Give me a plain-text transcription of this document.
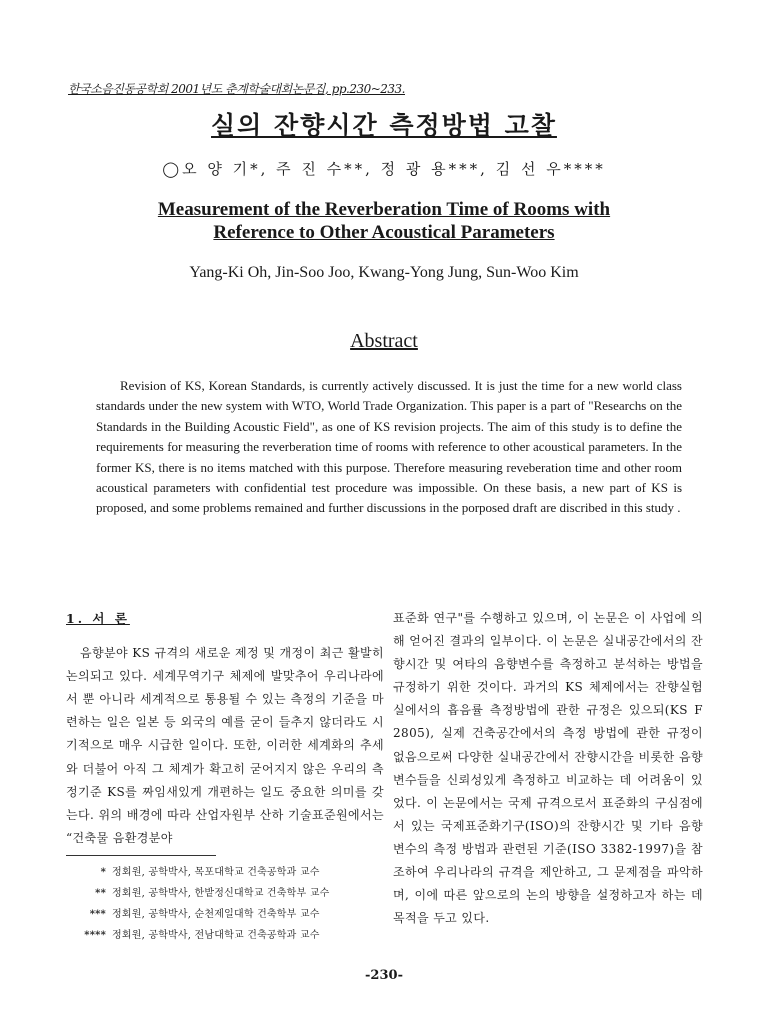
한국소음진동공학회 2001년도 춘계학술대회논문집, pp.230~233.
실의 잔향시간 측정방법 고찰
◯오 양 기*, 주 진 수**, 정 광 용***, 김 선 우****
Measurement of the Reverberation Time of Rooms with
Reference to Other Acoustical Parameters
Yang-Ki Oh, Jin-Soo Joo, Kwang-Yong Jung, Sun-Woo Kim
Abstract
Revision of KS, Korean Standards, is currently actively discussed. It is just the time for a new world class standards under the new system with WTO, World Trade Organization. This paper is a part of "Researchs on the Standards in the Building Acoustic Field", as one of KS revision projects. The aim of this study is to define the requirements for measuring the reverberation time of rooms with reference to other acoustical parameters. In the former KS, there is no items matched with this purpose. Therefore measuring reveberation time and other room acoustical parameters with confidential test procedure was impossible. On these basis, a new part of KS is proposed, and some problems remained and further discussions in the porposed draft are discribed in this study .
1. 서 론
음향분야 KS 규격의 새로운 제정 및 개정이 최근 활발히 논의되고 있다. 세계무역기구 체제에 발맞추어 우리나라에서 뿐 아니라 세계적으로 통용될 수 있는 측정의 기준을 마련하는 일은 일본 등 외국의 예를 굳이 들추지 않더라도 시기적으로 매우 시급한 일이다. 또한, 이러한 세계화의 추세와 더불어 아직 그 체계가 확고히 굳어지지 않은 우리의 측정기준 KS를 짜임새있게 개편하는 일도 중요한 의미를 갖는다. 위의 배경에 따라 산업자원부 산하 기술표준원에서는 “건축물 음환경분야
표준화 연구"를 수행하고 있으며, 이 논문은 이 사업에 의해 얻어진 결과의 일부이다. 이 논문은 실내공간에서의 잔향시간 및 여타의 음향변수를 측정하고 분석하는 방법을 규정하기 위한 것이다. 과거의 KS 체제에서는 잔향실험실에서의 흡음률 측정방법에 관한 규정은 있으되(KS F 2805), 실제 건축공간에서의 측정 방법에 관한 규정이 없음으로써 다양한 실내공간에서 잔향시간을 비롯한 음향변수들을 신뢰성있게 측정하고 비교하는 데 어려움이 있었다. 이 논문에서는 국제 규격으로서 표준화의 구심점에 서 있는 국제표준화기구(ISO)의 잔향시간 및 기타 음향변수의 측정 방법과 관련된 기준(ISO 3382-1997)을 참조하여 우리나라의 규격을 제안하고, 그 문제점을 파악하며, 이에 따른 앞으로의 논의 방향을 설정하고자 하는 데 목적을 두고 있다.
* 정회원, 공학박사, 목포대학교 건축공학과 교수
** 정회원, 공학박사, 한밭정신대학교 건축학부 교수
*** 정회원, 공학박사, 순천제일대학 건축학부 교수
**** 정회원, 공학박사, 전남대학교 건축공학과 교수
-230-
